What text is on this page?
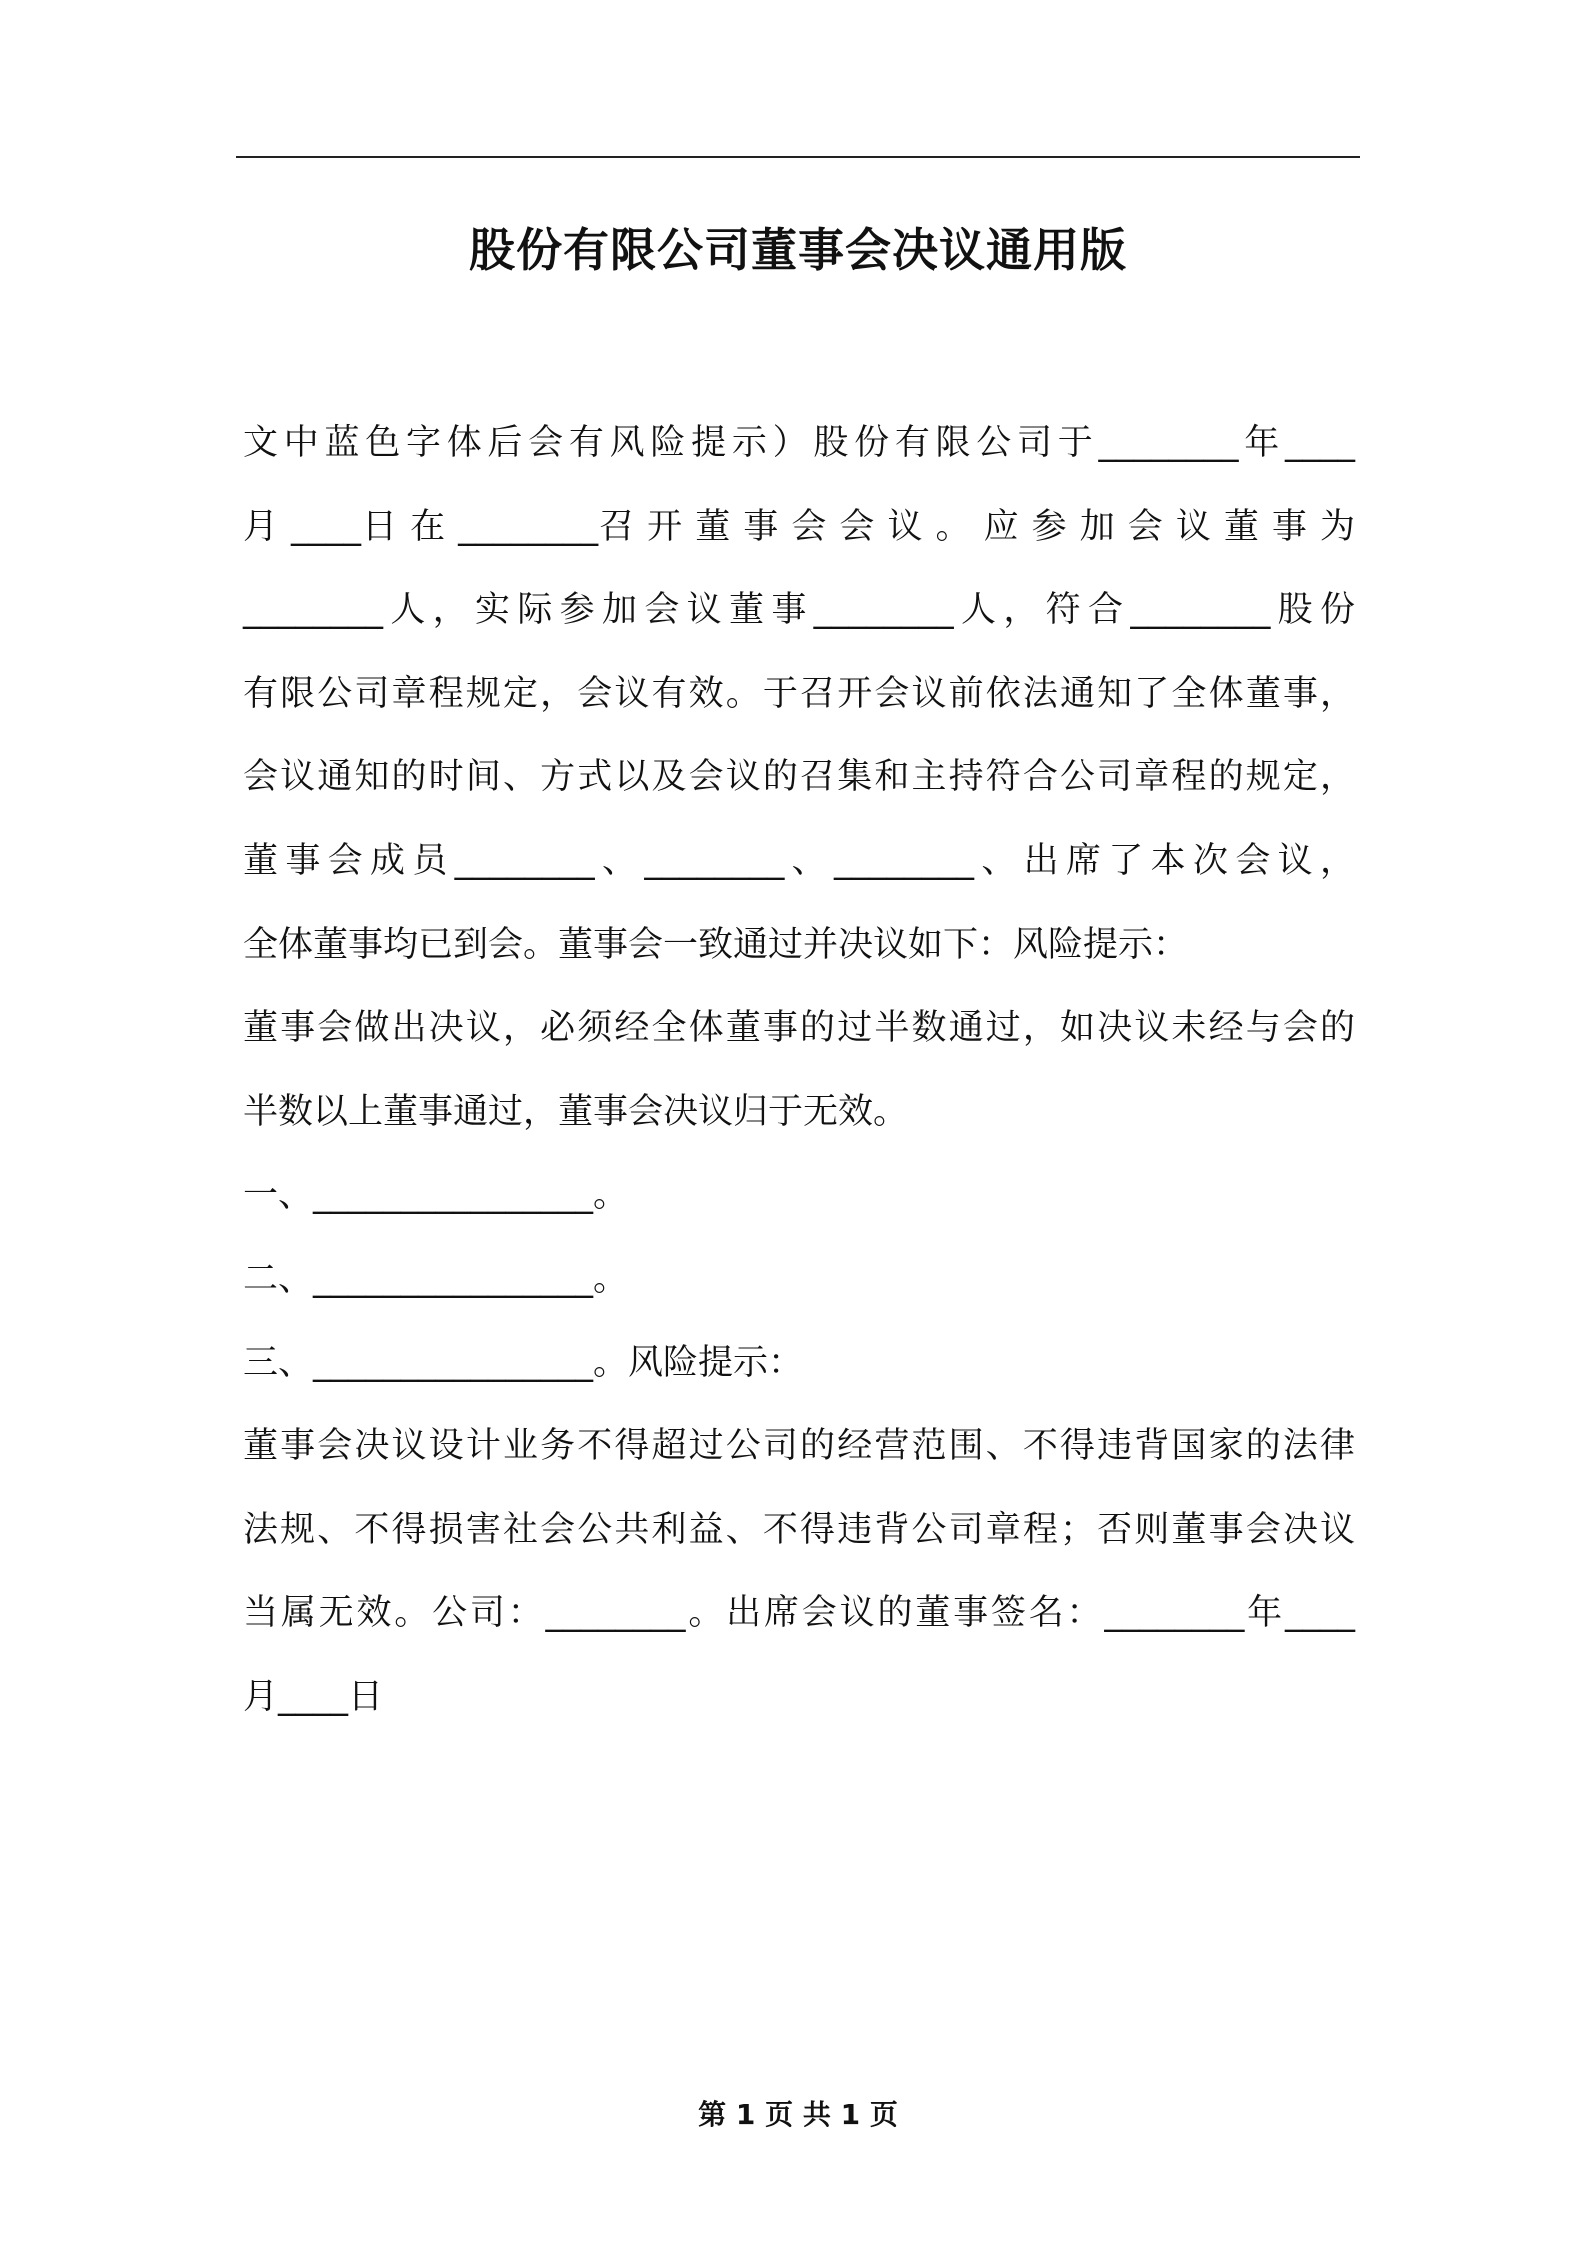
股份有限公司董事会决议通用版
文中蓝色字体后会有风险提示）股份有限公司于________年____
月 ____日 在 ________召 开 董 事 会 会 议 。 应 参 加 会 议 董 事 为
________人，实际参加会议董事________人，符合________股份
有限公司章程规定，会议有效。于召开会议前依法通知了全体董事，
会议通知的时间、方式以及会议的召集和主持符合公司章程的规定，
董事会成员________、________、________、出席了本次会议，
全体董事均已到会。董事会一致通过并决议如下：风险提示：
董事会做出决议，必须经全体董事的过半数通过，如决议未经与会的
半数以上董事通过，董事会决议归于无效。
一、________________。
二、________________。
三、________________。风险提示：
董事会决议设计业务不得超过公司的经营范围、不得违背国家的法律
法规、不得损害社会公共利益、不得违背公司章程；否则董事会决议
当属无效。公司：________。出席会议的董事签名：________年____
月____日
第 1 页 共 1 页
